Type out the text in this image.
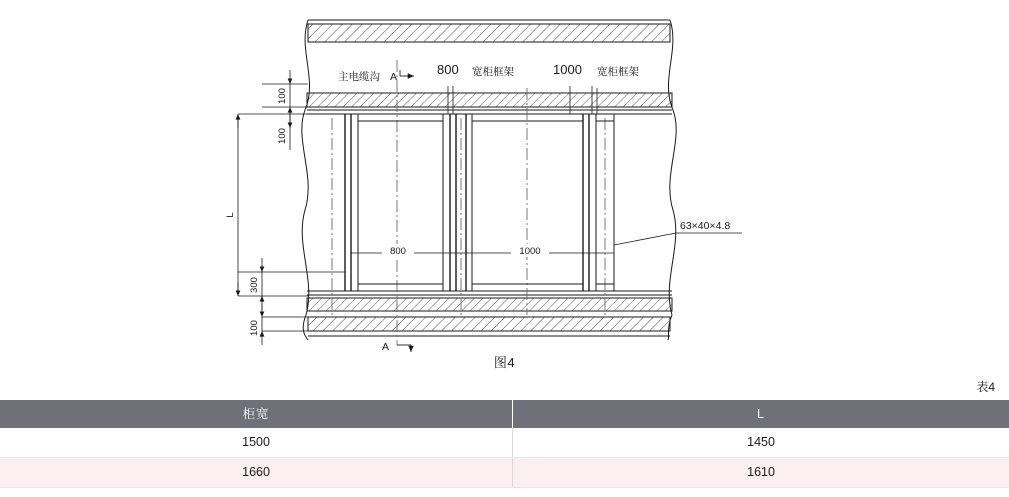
800	1000
100
100
L
300
100
主电缆沟 A	800 宽柜框架	1000 宽柜框架
63×40×4.8
A
图4
表4
柜宽	L
1500	1450
1660	1610
